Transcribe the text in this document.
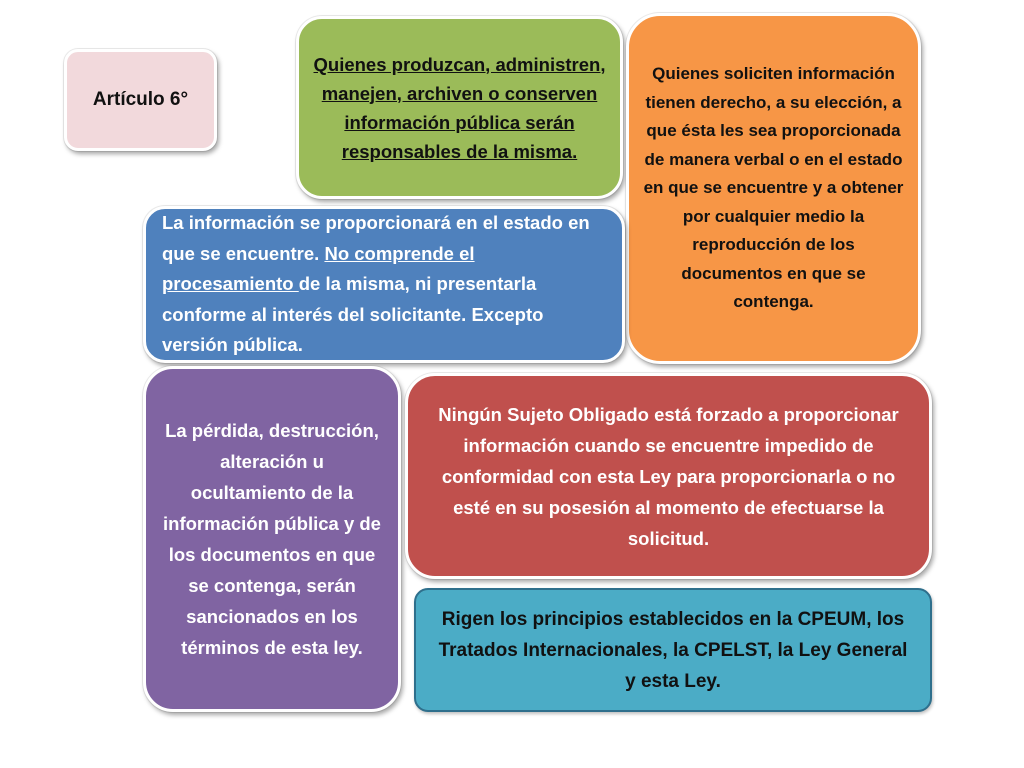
Artículo 6°
Quienes produzcan, administren, manejen, archiven o conserven información pública serán responsables de la misma.
Quienes soliciten información tienen derecho, a su elección, a que ésta les sea proporcionada de manera verbal o en el estado en que se encuentre y a obtener por cualquier medio la reproducción de los documentos en que se contenga.
La información se proporcionará en el estado en que se encuentre. No comprende el procesamiento de la misma, ni presentarla conforme al interés del solicitante. Excepto versión pública.
La pérdida, destrucción, alteración u ocultamiento de la información pública y de los documentos en que se contenga, serán sancionados en los términos de esta ley.
Ningún Sujeto Obligado está forzado a proporcionar información cuando se encuentre impedido de conformidad con esta Ley para proporcionarla o no esté en su posesión al momento de efectuarse la solicitud.
Rigen los principios establecidos en la CPEUM, los Tratados Internacionales, la CPELST, la Ley General y esta Ley.
